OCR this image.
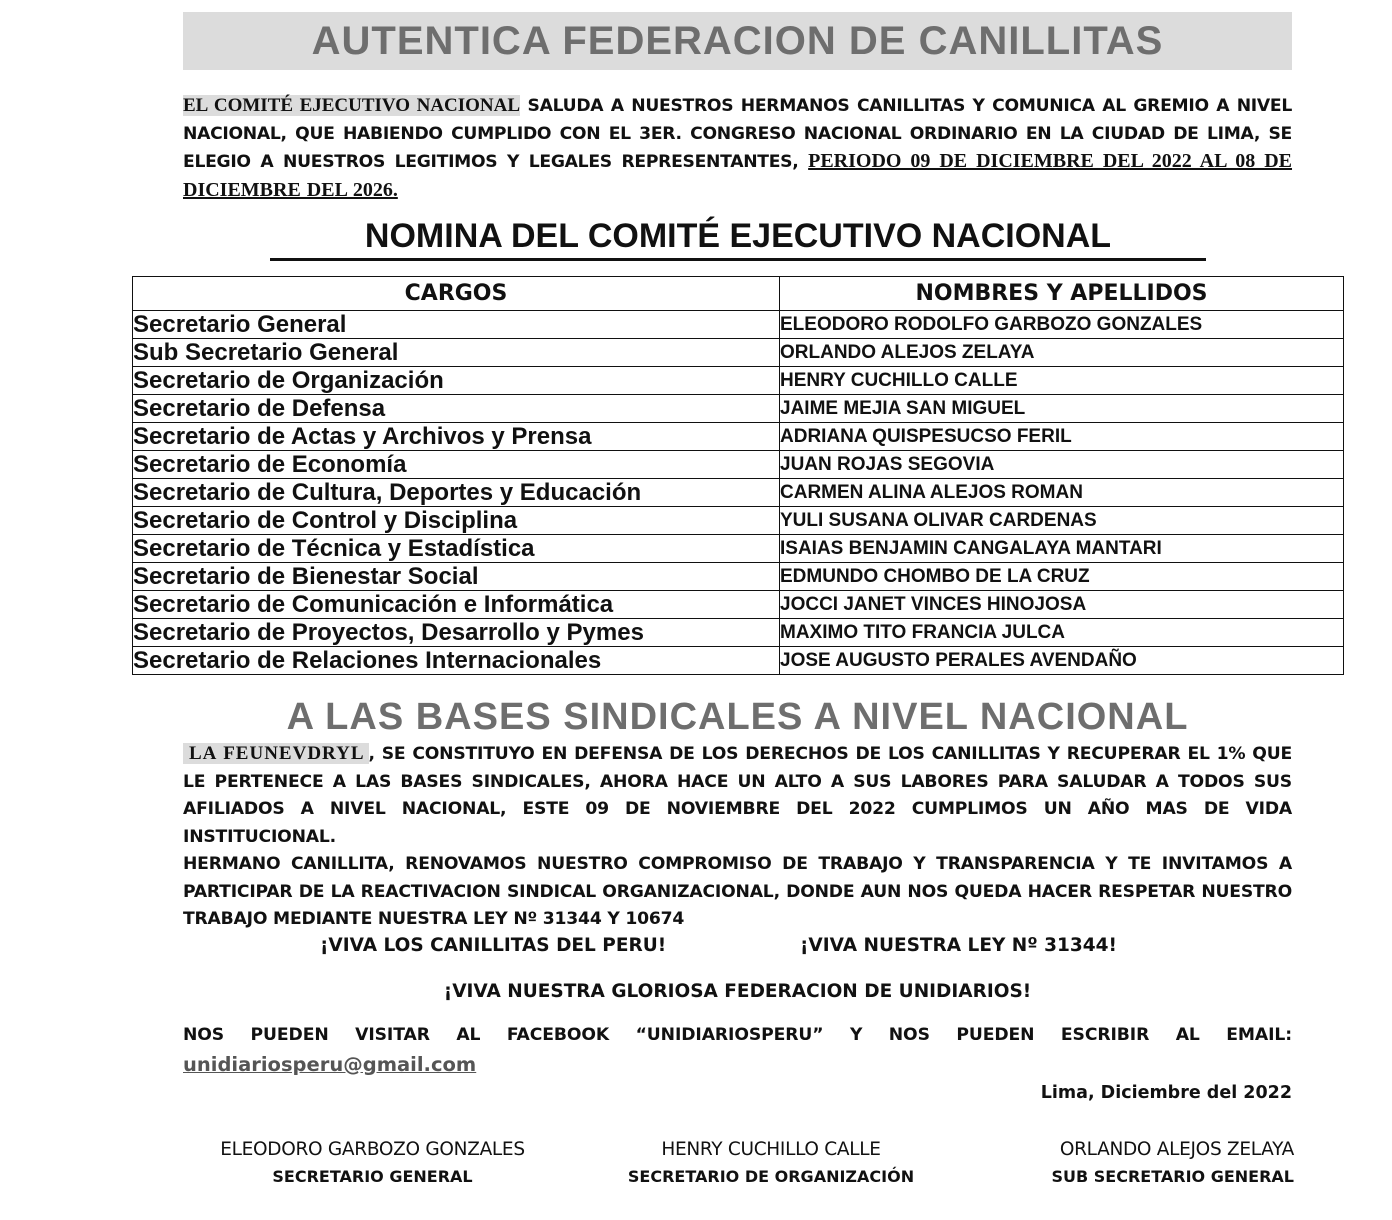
AUTENTICA FEDERACION DE CANILLITAS
EL COMITÉ EJECUTIVO NACIONAL SALUDA A NUESTROS HERMANOS CANILLITAS Y COMUNICA AL GREMIO A NIVEL NACIONAL, QUE HABIENDO CUMPLIDO CON EL 3ER. CONGRESO NACIONAL ORDINARIO EN LA CIUDAD DE LIMA, SE ELEGIO A NUESTROS LEGITIMOS Y LEGALES REPRESENTANTES, PERIODO 09 DE DICIEMBRE DEL 2022 AL 08 DE DICIEMBRE DEL 2026.
NOMINA DEL COMITÉ EJECUTIVO NACIONAL
CARGOS	NOMBRES Y APELLIDOS
Secretario General	ELEODORO RODOLFO GARBOZO GONZALES
Sub Secretario General	ORLANDO ALEJOS ZELAYA
Secretario de Organización	HENRY CUCHILLO CALLE
Secretario de Defensa	JAIME MEJIA SAN MIGUEL
Secretario de Actas y Archivos y Prensa	ADRIANA QUISPESUCSO FERIL
Secretario de Economía	JUAN ROJAS SEGOVIA
Secretario de Cultura, Deportes y Educación	CARMEN ALINA ALEJOS ROMAN
Secretario de Control y Disciplina	YULI SUSANA OLIVAR CARDENAS
Secretario de Técnica y Estadística	ISAIAS BENJAMIN CANGALAYA MANTARI
Secretario de Bienestar Social	EDMUNDO CHOMBO DE LA CRUZ
Secretario de Comunicación e Informática	JOCCI JANET VINCES HINOJOSA
Secretario de Proyectos, Desarrollo y Pymes	MAXIMO TITO FRANCIA JULCA
Secretario de Relaciones Internacionales	JOSE AUGUSTO PERALES AVENDAÑO
A LAS BASES SINDICALES A NIVEL NACIONAL

LA FEUNEVDRYL , SE CONSTITUYO EN DEFENSA DE LOS DERECHOS DE LOS CANILLITAS Y RECUPERAR EL 1% QUE LE PERTENECE A LAS BASES SINDICALES, AHORA HACE UN ALTO A SUS LABORES PARA SALUDAR A TODOS SUS AFILIADOS A NIVEL NACIONAL, ESTE 09 DE NOVIEMBRE DEL 2022 CUMPLIMOS UN AÑO MAS DE VIDA INSTITUCIONAL.

HERMANO CANILLITA, RENOVAMOS NUESTRO COMPROMISO DE TRABAJO Y TRANSPARENCIA Y TE INVITAMOS A PARTICIPAR DE LA REACTIVACION SINDICAL ORGANIZACIONAL, DONDE AUN NOS QUEDA HACER RESPETAR NUESTRO TRABAJO MEDIANTE NUESTRA LEY Nº 31344 Y 10674

¡VIVA LOS CANILLITAS DEL PERU!	¡VIVA NUESTRA LEY Nº 31344!
¡VIVA NUESTRA GLORIOSA FEDERACION DE UNIDIARIOS!
NOS PUEDEN VISITAR AL FACEBOOK “UNIDIARIOSPERU” Y NOS PUEDEN ESCRIBIR AL EMAIL:
unidiariosperu@gmail.com
Lima, Diciembre del 2022
ELEODORO GARBOZO GONZALES
SECRETARIO GENERAL
HENRY CUCHILLO CALLE
SECRETARIO DE ORGANIZACIÓN
ORLANDO ALEJOS ZELAYA
SUB SECRETARIO GENERAL
